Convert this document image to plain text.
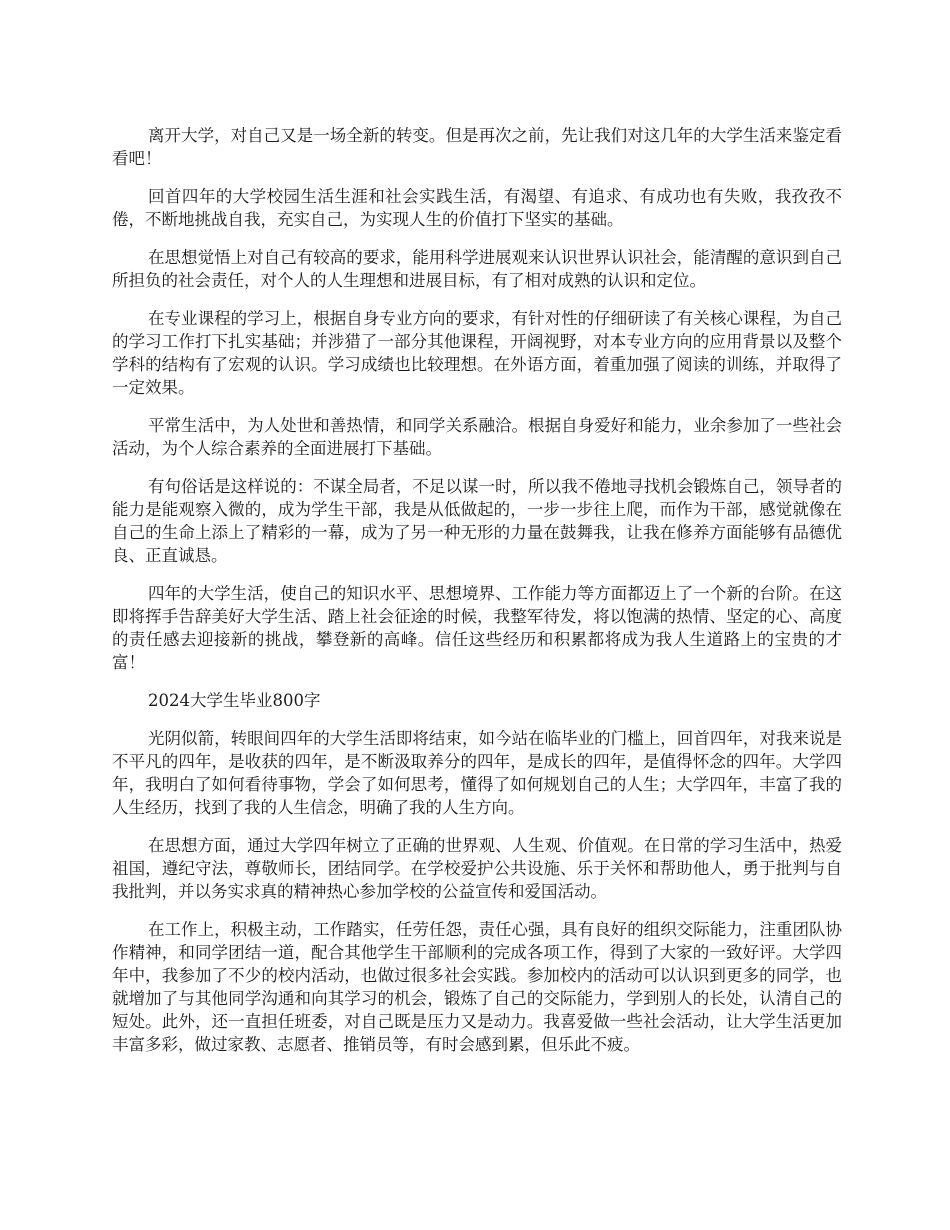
离开大学，对自己又是一场全新的转变。但是再次之前，先让我们对这几年的大学生活来鉴定看看吧！

回首四年的大学校园生活生涯和社会实践生活，有渴望、有追求、有成功也有失败，我孜孜不倦，不断地挑战自我，充实自己，为实现人生的价值打下坚实的基础。

在思想觉悟上对自己有较高的要求，能用科学进展观来认识世界认识社会，能清醒的意识到自己所担负的社会责任，对个人的人生理想和进展目标，有了相对成熟的认识和定位。

在专业课程的学习上，根据自身专业方向的要求，有针对性的仔细研读了有关核心课程，为自己的学习工作打下扎实基础；并涉猎了一部分其他课程，开阔视野，对本专业方向的应用背景以及整个学科的结构有了宏观的认识。学习成绩也比较理想。在外语方面，着重加强了阅读的训练，并取得了一定效果。

平常生活中，为人处世和善热情，和同学关系融洽。根据自身爱好和能力，业余参加了一些社会活动，为个人综合素养的全面进展打下基础。

有句俗话是这样说的：不谋全局者，不足以谋一时，所以我不倦地寻找机会锻炼自己，领导者的能力是能观察入微的，成为学生干部，我是从低做起的，一步一步往上爬，而作为干部，感觉就像在自己的生命上添上了精彩的一幕，成为了另一种无形的力量在鼓舞我，让我在修养方面能够有品德优良、正直诚恳。

四年的大学生活，使自己的知识水平、思想境界、工作能力等方面都迈上了一个新的台阶。在这即将挥手告辞美好大学生活、踏上社会征途的时候，我整军待发，将以饱满的热情、坚定的心、高度的责任感去迎接新的挑战，攀登新的高峰。信任这些经历和积累都将成为我人生道路上的宝贵的才富！

2024大学生毕业800字

光阴似箭，转眼间四年的大学生活即将结束，如今站在临毕业的门槛上，回首四年，对我来说是不平凡的四年，是收获的四年，是不断汲取养分的四年，是成长的四年，是值得怀念的四年。大学四年，我明白了如何看待事物，学会了如何思考，懂得了如何规划自己的人生；大学四年，丰富了我的人生经历，找到了我的人生信念，明确了我的人生方向。

在思想方面，通过大学四年树立了正确的世界观、人生观、价值观。在日常的学习生活中，热爱祖国，遵纪守法，尊敬师长，团结同学。在学校爱护公共设施、乐于关怀和帮助他人，勇于批判与自我批判，并以务实求真的精神热心参加学校的公益宣传和爱国活动。

在工作上，积极主动，工作踏实，任劳任怨，责任心强，具有良好的组织交际能力，注重团队协作精神，和同学团结一道，配合其他学生干部顺利的完成各项工作，得到了大家的一致好评。大学四年中，我参加了不少的校内活动，也做过很多社会实践。参加校内的活动可以认识到更多的同学，也就增加了与其他同学沟通和向其学习的机会，锻炼了自己的交际能力，学到别人的长处，认清自己的短处。此外，还一直担任班委，对自己既是压力又是动力。我喜爱做一些社会活动，让大学生活更加丰富多彩，做过家教、志愿者、推销员等，有时会感到累，但乐此不疲。
